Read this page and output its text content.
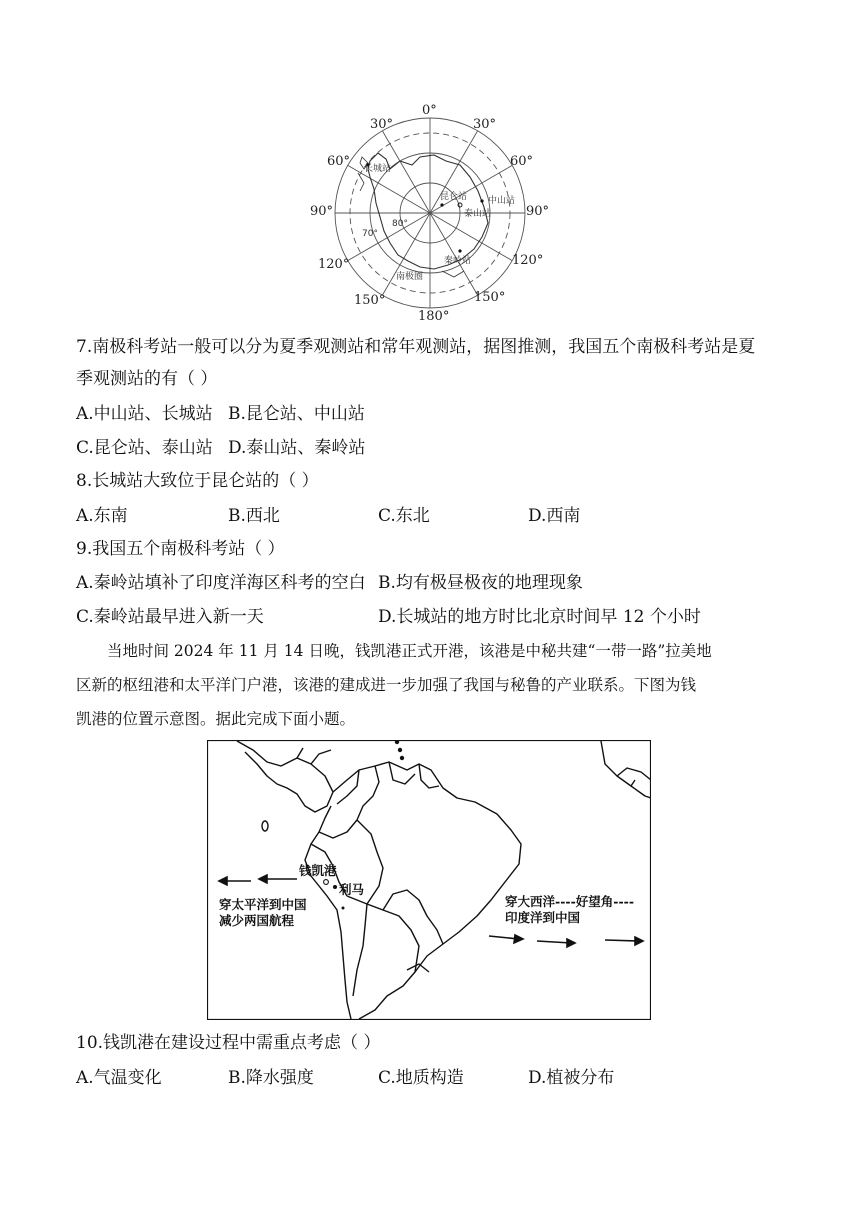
0°
30°	30°
60°	60°
90°	90°
120°	120°
150°	150°
180°
80°
70°
长城站
昆仑站 中山站
泰山站
秦岭站
南极圈
7.南极科考站一般可以分为夏季观测站和常年观测站，据图推测，我国五个南极科考站是夏
季观测站的有（ ）
A.中山站、长城站 B.昆仑站、中山站
C.昆仑站、泰山站 D.泰山站、秦岭站
8.长城站大致位于昆仑站的（ ）
A.东南	B.西北	C.东北	D.西南
9.我国五个南极科考站（ ）
A.秦岭站填补了印度洋海区科考的空白 B.均有极昼极夜的地理现象
C.秦岭站最早进入新一天	D.长城站的地方时比北京时间早 12 个小时
当地时间 2024 年 11 月 14 日晚，钱凯港正式开港，该港是中秘共建“一带一路”拉美地
区新的枢纽港和太平洋门户港，该港的建成进一步加强了我国与秘鲁的产业联系。下图为钱
凯港的位置示意图。据此完成下面小题。
钱凯港
利马
穿太平洋到中国
减少两国航程
穿大西洋----好望角----
印度洋到中国
10.钱凯港在建设过程中需重点考虑（ ）
A.气温变化	B.降水强度	C.地质构造	D.植被分布
